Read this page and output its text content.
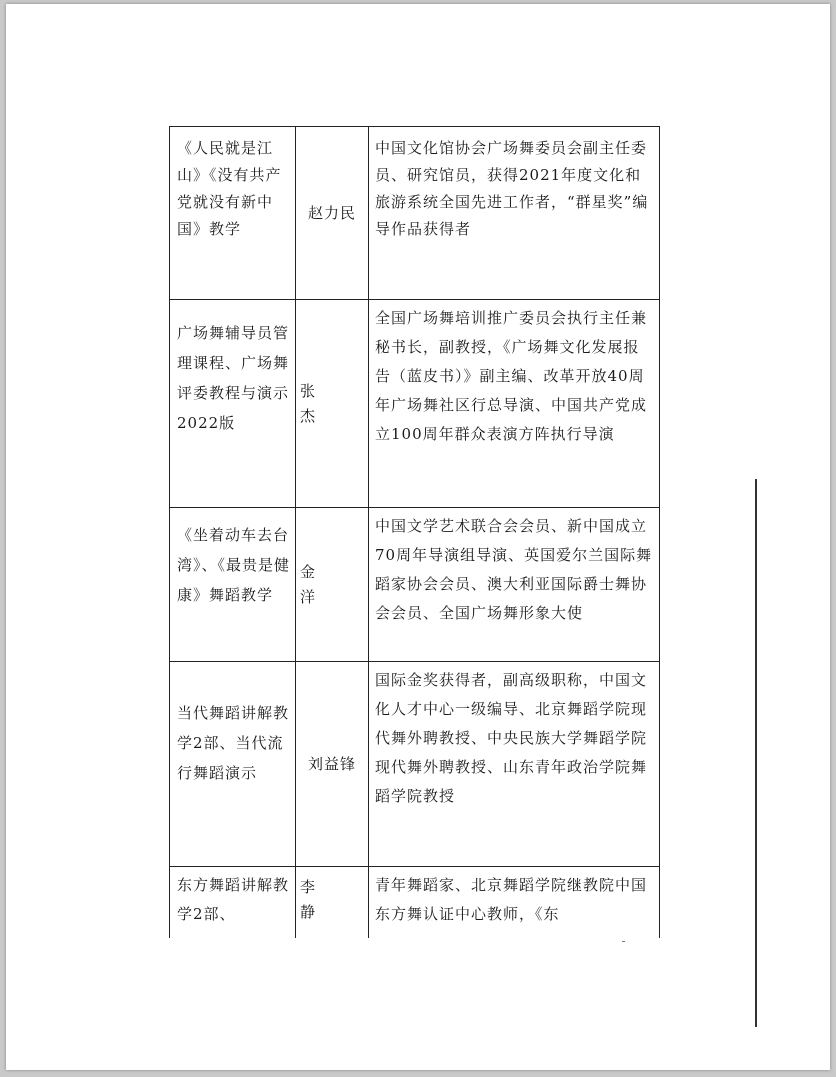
《人民就是江山》《没有共产党就没有新中国》教学
赵力民
中国文化馆协会广场舞委员会副主任委员、研究馆员，获得2021年度文化和旅游系统全国先进工作者，“群星奖”编导作品获得者
广场舞辅导员管理课程、广场舞评委教程与演示2022版
张 杰
全国广场舞培训推广委员会执行主任兼秘书长，副教授，《广场舞文化发展报告（蓝皮书）》副主编、改革开放40周年广场舞社区行总导演、中国共产党成立100周年群众表演方阵执行导演
《坐着动车去台湾》、《最贵是健康》舞蹈教学
金 洋
中国文学艺术联合会会员、新中国成立70周年导演组导演、英国爱尔兰国际舞蹈家协会会员、澳大利亚国际爵士舞协会会员、全国广场舞形象大使
当代舞蹈讲解教学2部、当代流行舞蹈演示
刘益锋
国际金奖获得者，副高级职称，中国文化人才中心一级编导、北京舞蹈学院现代舞外聘教授、中央民族大学舞蹈学院现代舞外聘教授、山东青年政治学院舞蹈学院教授
东方舞蹈讲解教学2部、
李 静
青年舞蹈家、北京舞蹈学院继教院中国东方舞认证中心教师，《东
